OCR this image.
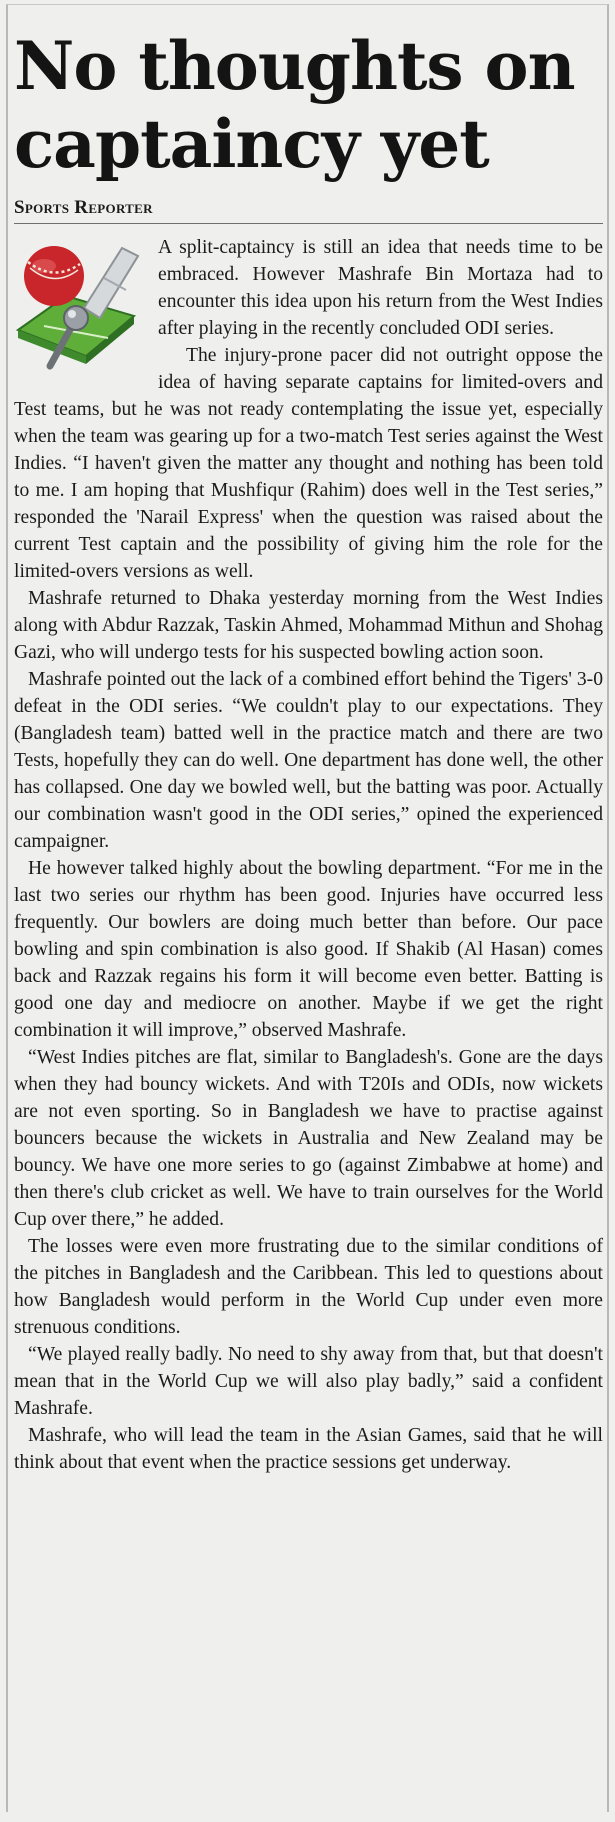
No thoughts on
captaincy yet
Sports Reporter

A split-captaincy is still an idea that needs time to be embraced. However Mashrafe Bin Mortaza had to encounter this idea upon his return from the West Indies after playing in the recently concluded ODI series.

The injury-prone pacer did not outright oppose the idea of having separate captains for limited-overs and Test teams, but he was not ready contemplating the issue yet, especially when the team was gearing up for a two-match Test series against the West Indies. “I haven't given the matter any thought and nothing has been told to me. I am hoping that Mushfiqur (Rahim) does well in the Test series,” responded the 'Narail Express' when the question was raised about the current Test captain and the possibility of giving him the role for the limited-overs versions as well.

Mashrafe returned to Dhaka yesterday morning from the West Indies along with Abdur Razzak, Taskin Ahmed, Mohammad Mithun and Shohag Gazi, who will undergo tests for his suspected bowling action soon.

Mashrafe pointed out the lack of a combined effort behind the Tigers' 3-0 defeat in the ODI series. “We couldn't play to our expectations. They (Bangladesh team) batted well in the practice match and there are two Tests, hopefully they can do well. One department has done well, the other has collapsed. One day we bowled well, but the batting was poor. Actually our combination wasn't good in the ODI series,” opined the experienced campaigner.

He however talked highly about the bowling department. “For me in the last two series our rhythm has been good. Injuries have occurred less frequently. Our bowlers are doing much better than before. Our pace bowling and spin combination is also good. If Shakib (Al Hasan) comes back and Razzak regains his form it will become even better. Batting is good one day and mediocre on another. Maybe if we get the right combination it will improve,” observed Mashrafe.

“West Indies pitches are flat, similar to Bangladesh's. Gone are the days when they had bouncy wickets. And with T20Is and ODIs, now wickets are not even sporting. So in Bangladesh we have to practise against bouncers because the wickets in Australia and New Zealand may be bouncy. We have one more series to go (against Zimbabwe at home) and then there's club cricket as well. We have to train ourselves for the World Cup over there,” he added.

The losses were even more frustrating due to the similar conditions of the pitches in Bangladesh and the Caribbean. This led to questions about how Bangladesh would perform in the World Cup under even more strenuous conditions.

“We played really badly. No need to shy away from that, but that doesn't mean that in the World Cup we will also play badly,” said a confident Mashrafe.

Mashrafe, who will lead the team in the Asian Games, said that he will think about that event when the practice sessions get underway.
